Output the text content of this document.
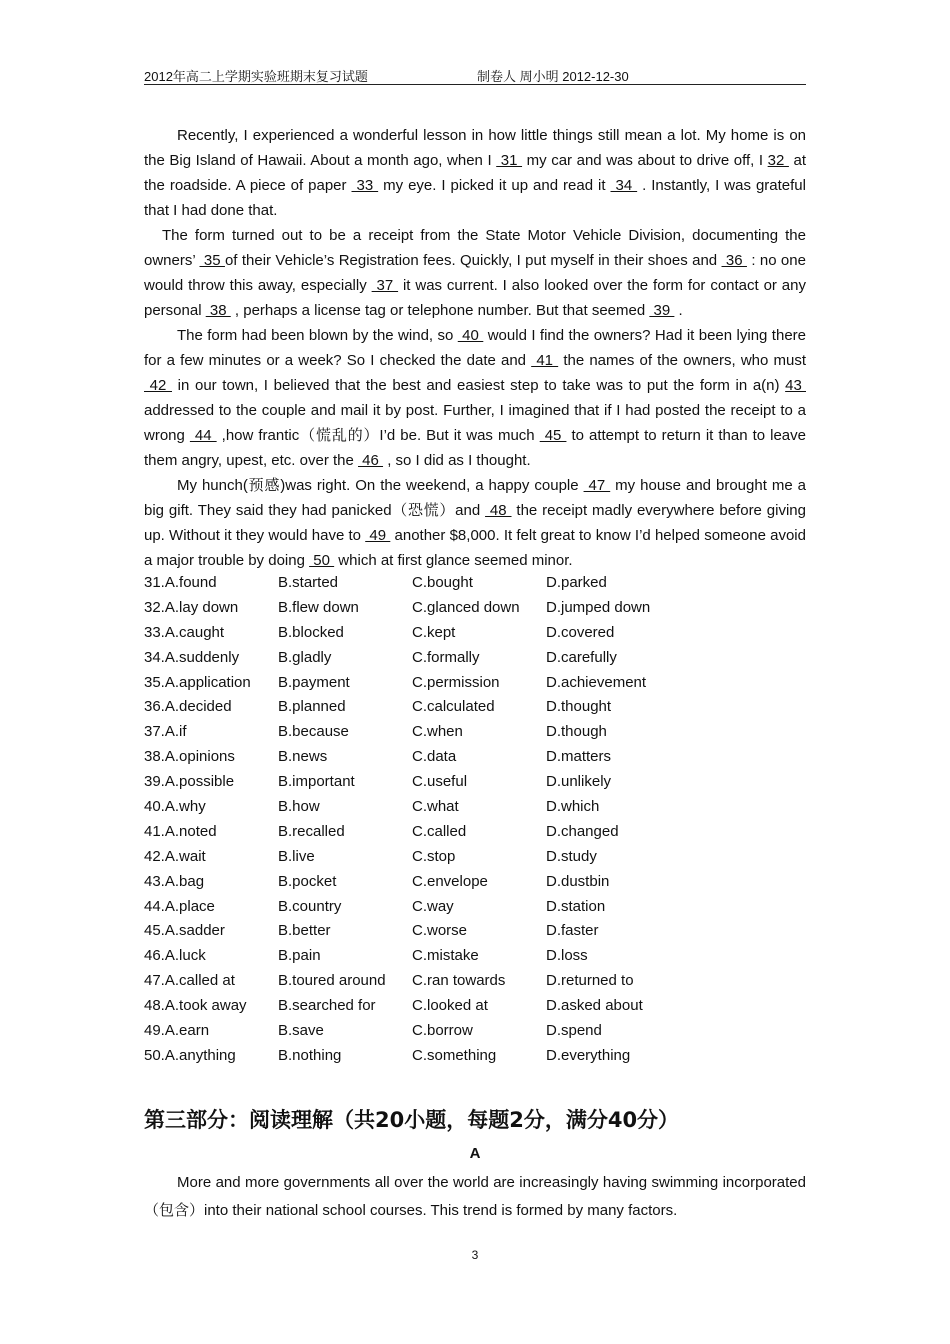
2012年高二上学期实验班期末复习试题	制卷人 周小明 2012-12-30

Recently, I experienced a wonderful lesson in how little things still mean a lot. My home is on the Big Island of Hawaii. About a month ago, when I  31  my car and was about to drive off, I 32  at the roadside. A piece of paper  33  my eye. I picked it up and read it  34  . Instantly, I was grateful that I had done that.

The form turned out to be a receipt from the State Motor Vehicle Division, documenting the owners’  35 of their Vehicle’s Registration fees. Quickly, I put myself in their shoes and  36  : no one would throw this away, especially  37  it was current. I also looked over the form for contact or any personal  38  , perhaps a license tag or telephone number. But that seemed  39  .

The form had been blown by the wind, so  40  would I find the owners? Had it been lying there for a few minutes or a week? So I checked the date and  41  the names of the owners, who must  42  in our town, I believed that the best and easiest step to take was to put the form in a(n) 43  addressed to the couple and mail it by post. Further, I imagined that if I had posted the receipt to a wrong  44  ,how frantic（慌乱的）I’d be. But it was much  45  to attempt to return it than to leave them angry, upest, etc. over the  46  , so I did as I thought.

My hunch(预感)was right. On the weekend, a happy couple  47  my house and brought me a big gift. They said they had panicked（恐慌）and  48  the receipt madly everywhere before giving up. Without it they would have to  49  another $8,000. It felt great to know I’d helped someone avoid a major trouble by doing  50  which at first glance seemed minor.

31.A.found	B.started	C.bought	D.parked
32.A.lay down	B.flew down	C.glanced down	D.jumped down
33.A.caught	B.blocked	C.kept	D.covered
34.A.suddenly	B.gladly	C.formally	D.carefully
35.A.application	B.payment	C.permission	D.achievement
36.A.decided	B.planned	C.calculated	D.thought
37.A.if	B.because	C.when	D.though
38.A.opinions	B.news	C.data	D.matters
39.A.possible	B.important	C.useful	D.unlikely
40.A.why	B.how	C.what	D.which
41.A.noted	B.recalled	C.called	D.changed
42.A.wait	B.live	C.stop	D.study
43.A.bag	B.pocket	C.envelope	D.dustbin
44.A.place	B.country	C.way	D.station
45.A.sadder	B.better	C.worse	D.faster
46.A.luck	B.pain	C.mistake	D.loss
47.A.called at	B.toured around	C.ran towards	D.returned to
48.A.took away	B.searched for	C.looked at	D.asked about
49.A.earn	B.save	C.borrow	D.spend
50.A.anything	B.nothing	C.something	D.everything
第三部分：阅读理解（共20小题，每题2分，满分40分）
A

More and more governments all over the world are increasingly having swimming incorporated（包含）into their national school courses. This trend is formed by many factors.

3
